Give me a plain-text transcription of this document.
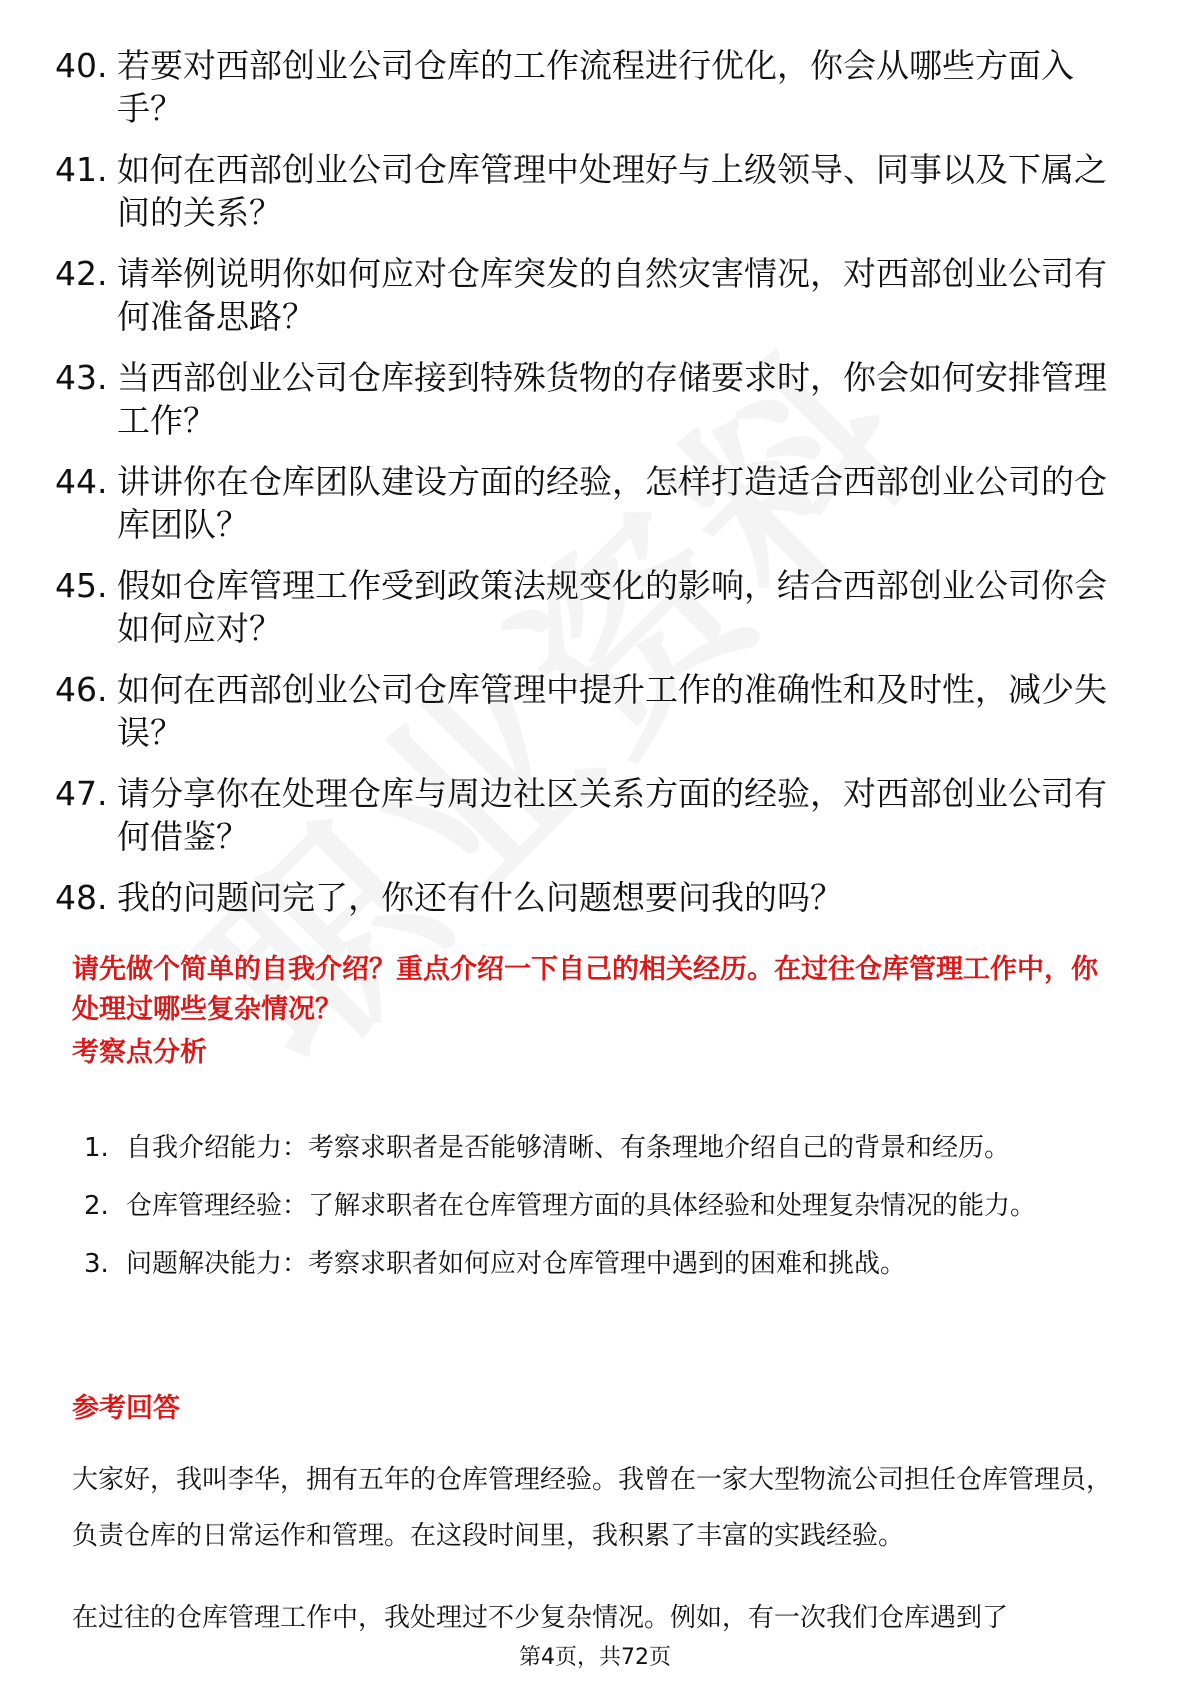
40. 若要对西部创业公司仓库的工作流程进行优化，你会从哪些方面入手？
41. 如何在西部创业公司仓库管理中处理好与上级领导、同事以及下属之间的关系？
42. 请举例说明你如何应对仓库突发的自然灾害情况，对西部创业公司有何准备思路？
43. 当西部创业公司仓库接到特殊货物的存储要求时，你会如何安排管理工作？
44. 讲讲你在仓库团队建设方面的经验，怎样打造适合西部创业公司的仓库团队？
45. 假如仓库管理工作受到政策法规变化的影响，结合西部创业公司你会如何应对？
46. 如何在西部创业公司仓库管理中提升工作的准确性和及时性，减少失误？
47. 请分享你在处理仓库与周边社区关系方面的经验，对西部创业公司有何借鉴？
48. 我的问题问完了，你还有什么问题想要问我的吗？
请先做个简单的自我介绍？重点介绍一下自己的相关经历。在过往仓库管理工作中，你处理过哪些复杂情况？
考察点分析
1. 自我介绍能力：考察求职者是否能够清晰、有条理地介绍自己的背景和经历。
2. 仓库管理经验：了解求职者在仓库管理方面的具体经验和处理复杂情况的能力。
3. 问题解决能力：考察求职者如何应对仓库管理中遇到的困难和挑战。
参考回答

大家好，我叫李华，拥有五年的仓库管理经验。我曾在一家大型物流公司担任仓库管理员，负责仓库的日常运作和管理。在这段时间里，我积累了丰富的实践经验。

在过往的仓库管理工作中，我处理过不少复杂情况。例如，有一次我们仓库遇到了

第4页，共72页
